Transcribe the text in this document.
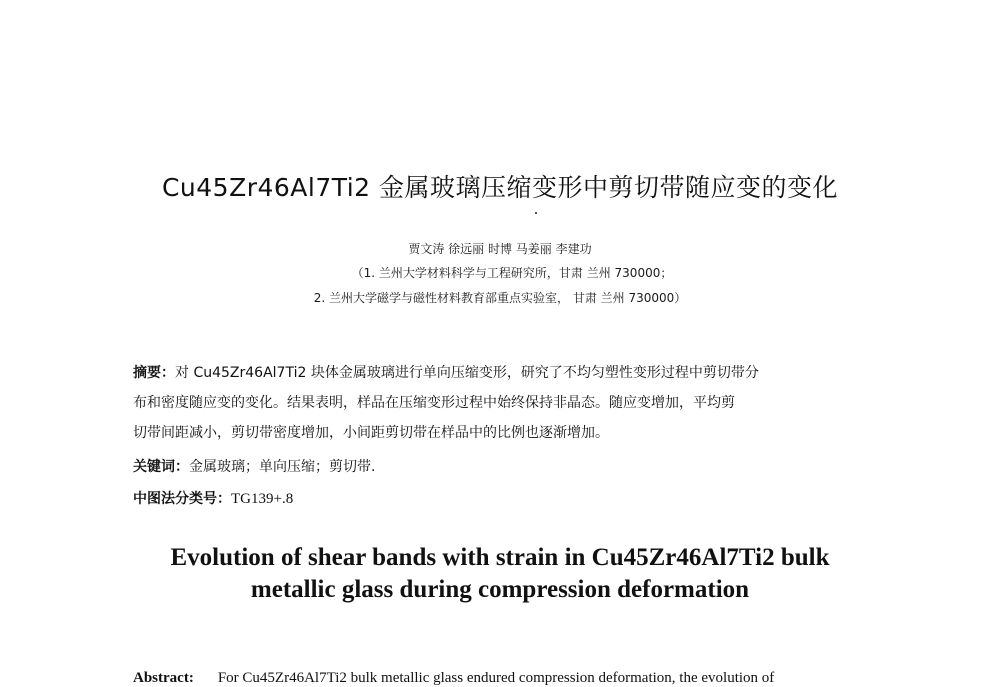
Cu45Zr46Al7Ti2 金属玻璃压缩变形中剪切带随应变的变化
贾文涛 徐远丽 时博 马姜丽 李建功
（1. 兰州大学材料科学与工程研究所，甘肃 兰州 730000；
2. 兰州大学磁学与磁性材料教育部重点实验室， 甘肃 兰州 730000）
摘要：对 Cu45Zr46Al7Ti2 块体金属玻璃进行单向压缩变形，研究了不均匀塑性变形过程中剪切带分
布和密度随应变的变化。结果表明，样品在压缩变形过程中始终保持非晶态。随应变增加，平均剪
切带间距减小，剪切带密度增加，小间距剪切带在样品中的比例也逐渐增加。
关键词：金属玻璃；单向压缩；剪切带.
中图法分类号：TG139+.8
Evolution of shear bands with strain in Cu45Zr46Al7Ti2 bulk
metallic glass during compression deformation
Abstract: For Cu45Zr46Al7Ti2 bulk metallic glass endured compression deformation, the evolution of
